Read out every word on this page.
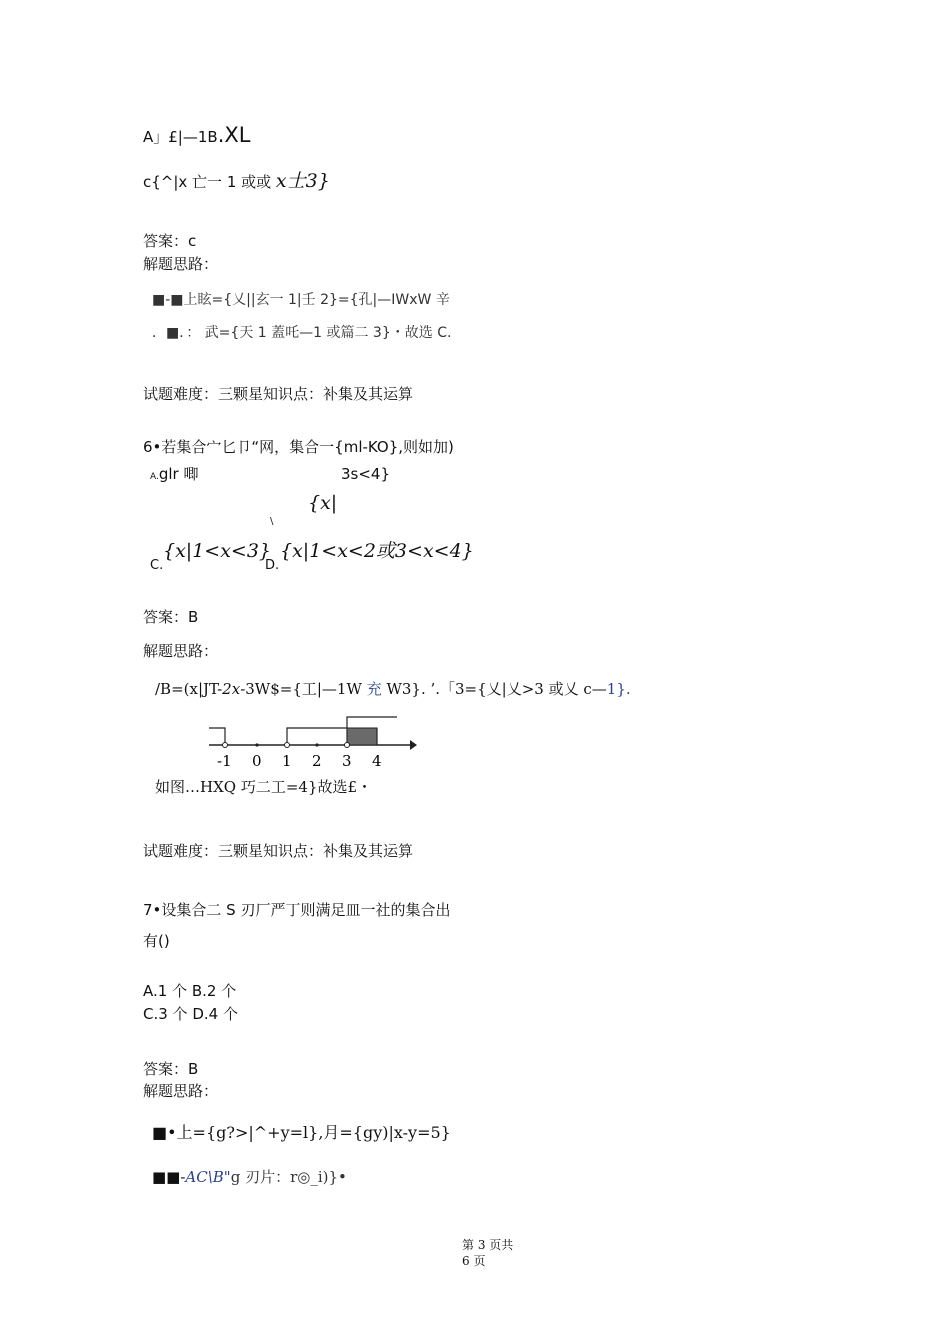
A」£|—1B.XL
c{^|x 亡一 1 或或 x士3}
答案：c
解题思路：
■-■上眩={乂||玄一 1|壬 2}={孔|—IWxW 辛
．■．： 武={天 1 蓋吒—1 或篇二 3}・故选 C.
试题难度：三颗星知识点：补集及其运算
6•若集合宀匕卩“网，集合一{ml-KO},则如加)
A.glr 唧	3s<4}
{x|
\
C.
{x|1<x<3}
D.
{x|1<x<2或3<x<4}
答案：B
解题思路：
/B=(x|JT-2x-3W$={工|—1W 充 W3}. ’.「3={乂|乂>3 或乂 c—1}.
-1 0 1 2 3 4
如图…HXQ 巧二工=4}故选£・
试题难度：三颗星知识点：补集及其运算
7•设集合二 S 刃厂严丁则满足皿一社的集合出
有()
A.1 个 B.2 个
C.3 个 D.4 个
答案：B
解题思路：
■•上={g?>|^+y=l},月={gy)|x-y=5}
■■-AC\B"g 刃片：r◎_i)}•
第 3 页共
6 页
